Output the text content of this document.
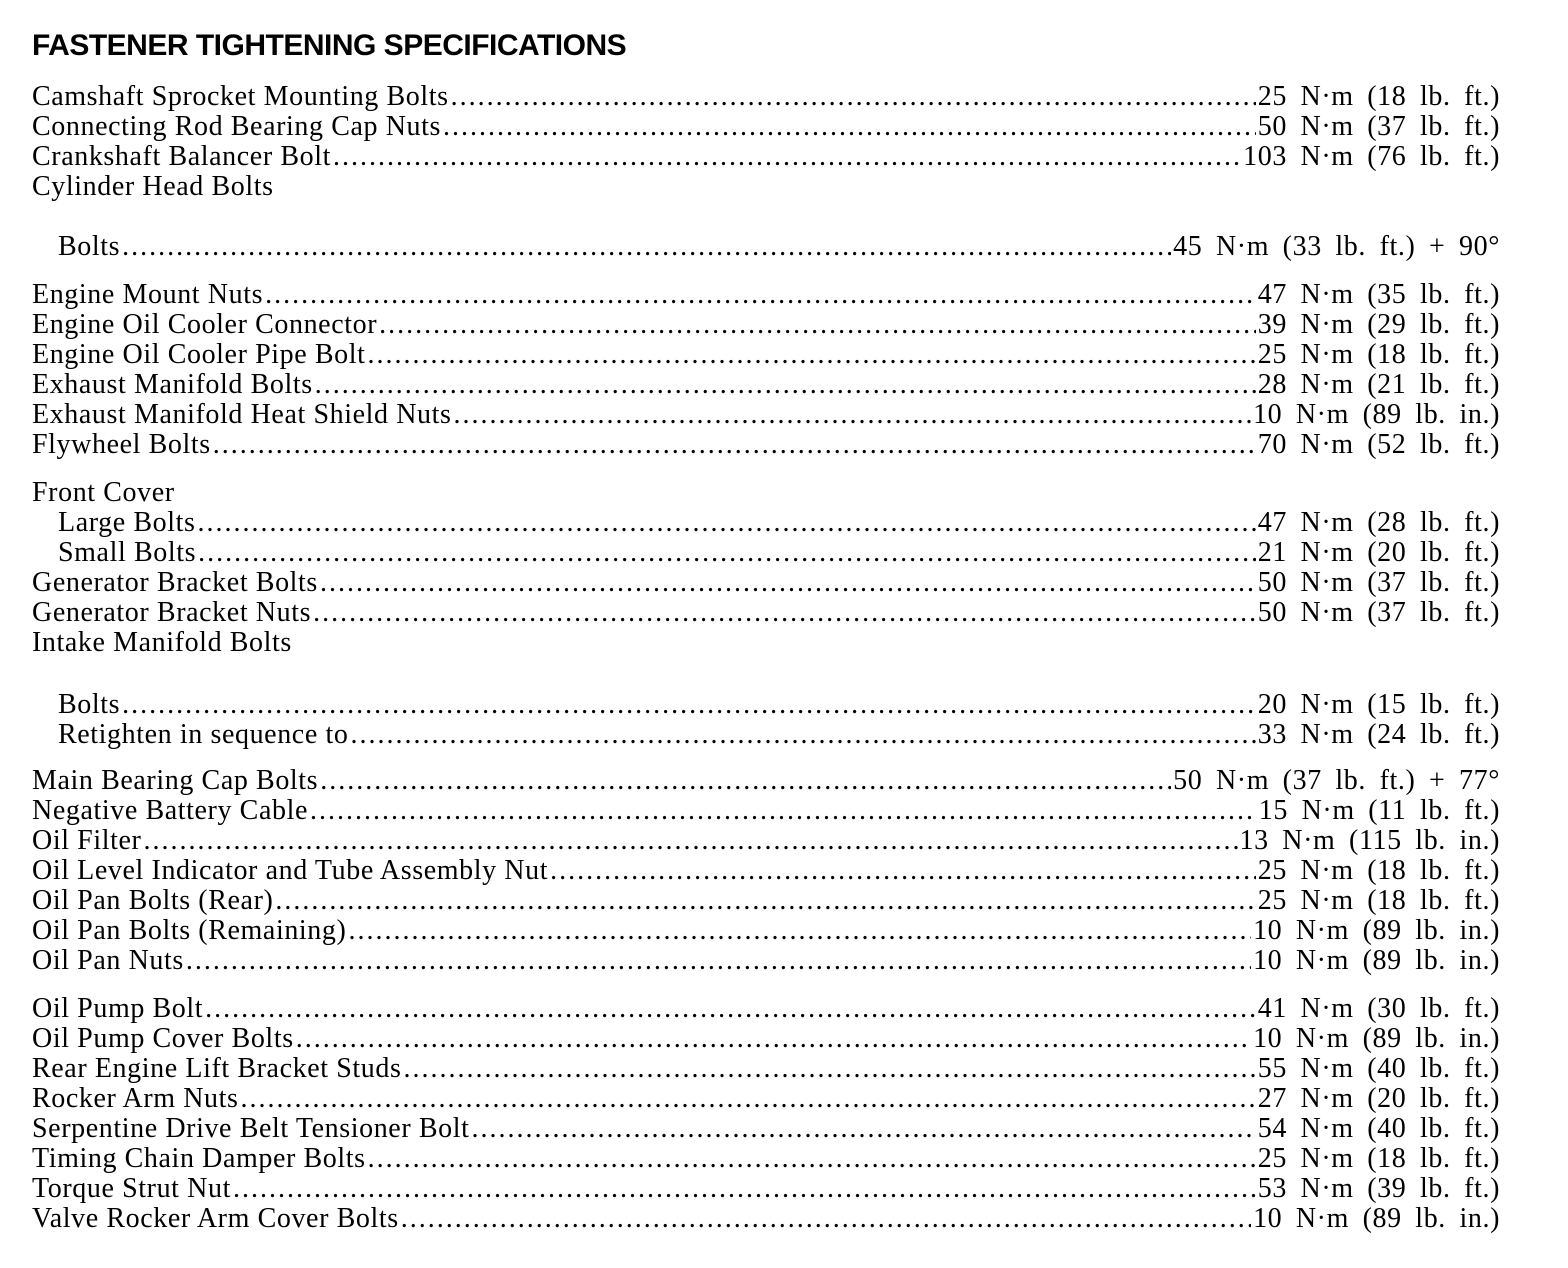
FASTENER TIGHTENING SPECIFICATIONS
Camshaft Sprocket Mounting Bolts .....	25 N·m (18 lb. ft.)
Connecting Rod Bearing Cap Nuts .....	50 N·m (37 lb. ft.)
Crankshaft Balancer Bolt .....	103 N·m (76 lb. ft.)
Cylinder Head Bolts
Bolts .....	45 N·m (33 lb. ft.) + 90°
Engine Mount Nuts .....	47 N·m (35 lb. ft.)
Engine Oil Cooler Connector .....	39 N·m (29 lb. ft.)
Engine Oil Cooler Pipe Bolt .....	25 N·m (18 lb. ft.)
Exhaust Manifold Bolts .....	28 N·m (21 lb. ft.)
Exhaust Manifold Heat Shield Nuts .....	10 N·m (89 lb. in.)
Flywheel Bolts .....	70 N·m (52 lb. ft.)
Front Cover
Large Bolts .....	47 N·m (28 lb. ft.)
Small Bolts .....	21 N·m (20 lb. ft.)
Generator Bracket Bolts .....	50 N·m (37 lb. ft.)
Generator Bracket Nuts .....	50 N·m (37 lb. ft.)
Intake Manifold Bolts
Bolts .....	20 N·m (15 lb. ft.)
Retighten in sequence to .....	33 N·m (24 lb. ft.)
Main Bearing Cap Bolts .....	50 N·m (37 lb. ft.) + 77°
Negative Battery Cable .....	15 N·m (11 lb. ft.)
Oil Filter .....	13 N·m (115 lb. in.)
Oil Level Indicator and Tube Assembly Nut .....	25 N·m (18 lb. ft.)
Oil Pan Bolts (Rear) .....	25 N·m (18 lb. ft.)
Oil Pan Bolts (Remaining) .....	10 N·m (89 lb. in.)
Oil Pan Nuts .....	10 N·m (89 lb. in.)
Oil Pump Bolt .....	41 N·m (30 lb. ft.)
Oil Pump Cover Bolts .....	10 N·m (89 lb. in.)
Rear Engine Lift Bracket Studs .....	55 N·m (40 lb. ft.)
Rocker Arm Nuts .....	27 N·m (20 lb. ft.)
Serpentine Drive Belt Tensioner Bolt .....	54 N·m (40 lb. ft.)
Timing Chain Damper Bolts .....	25 N·m (18 lb. ft.)
Torque Strut Nut .....	53 N·m (39 lb. ft.)
Valve Rocker Arm Cover Bolts .....	10 N·m (89 lb. in.)
